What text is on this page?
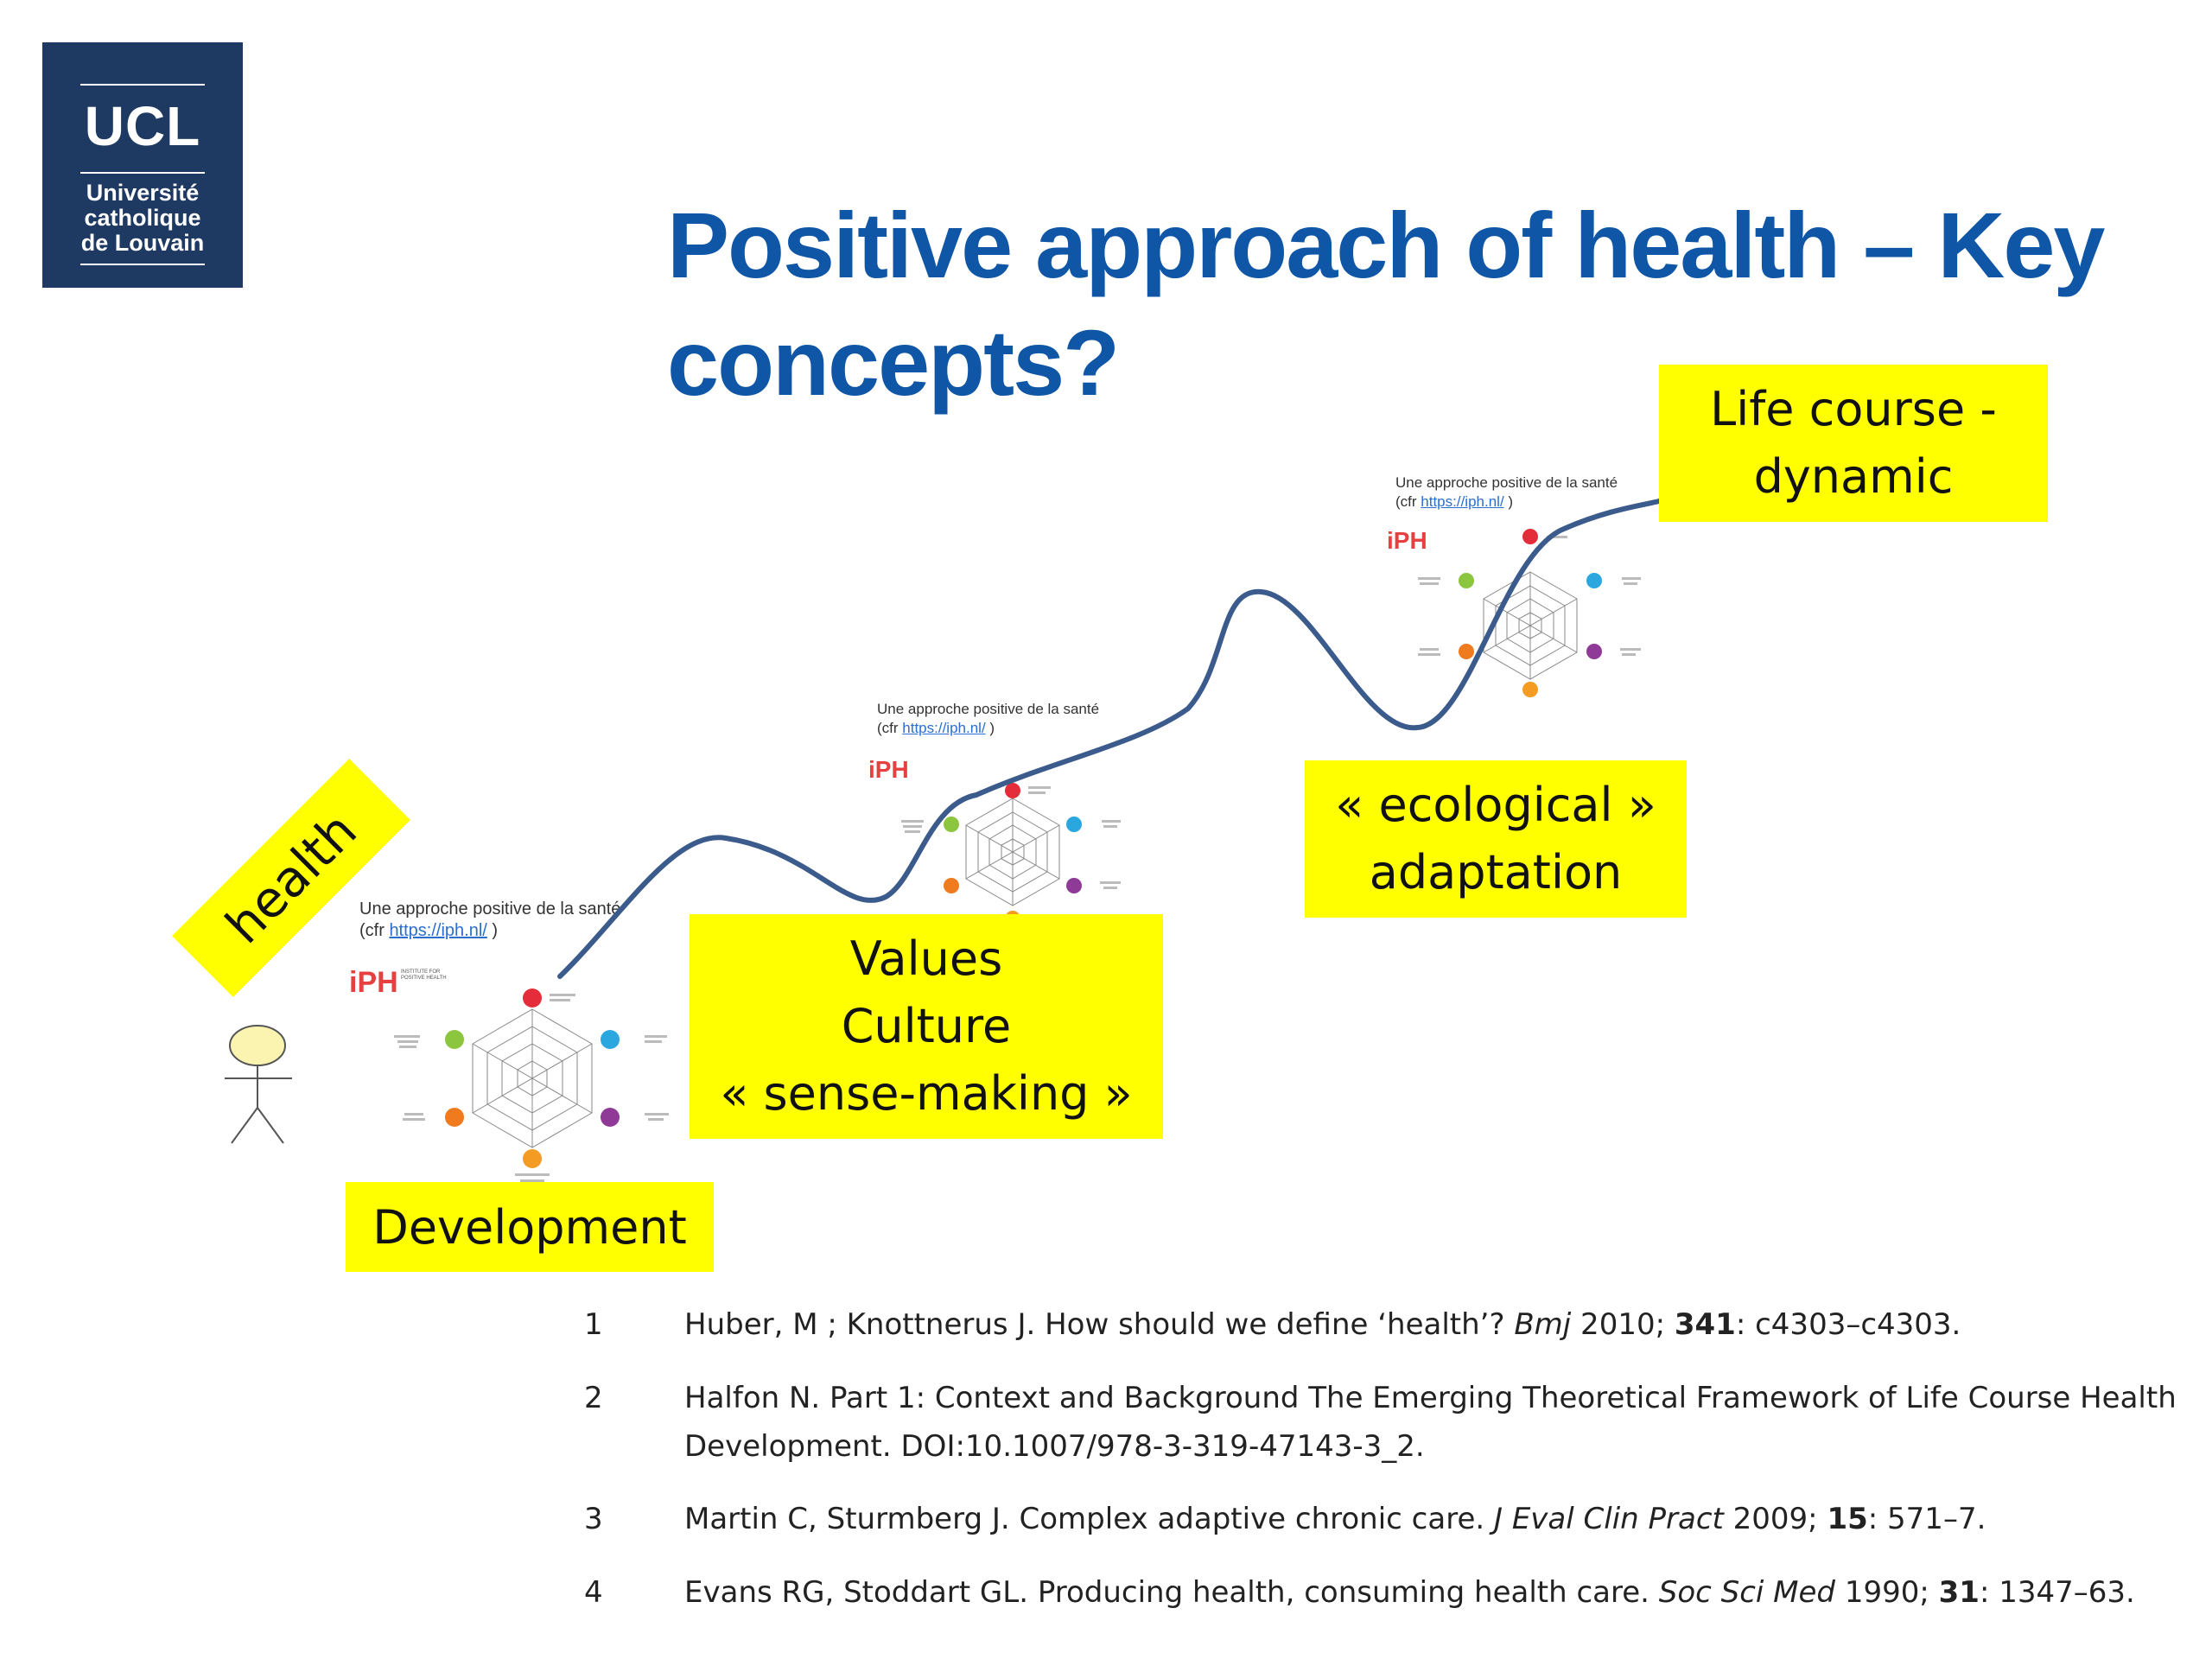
UCL
Université
catholique
de Louvain	Positive approach of health – Key concepts?
Une approche positive de la santé
(cfr https://iph.nl/ )
iPH INSTITUTE FOR POSITIVE HEALTH
Une approche positive de la santé
(cfr https://iph.nl/ )
iPH
Une approche positive de la santé
(cfr https://iph.nl/ )
iPH
health
Development
Values
Culture
« sense-making »
« ecological »
adaptation
Life course -
dynamic
1	Huber, M ; Knottnerus J. How should we define ‘health’? Bmj 2010; 341: c4303–c4303.
2	Halfon N. Part 1: Context and Background The Emerging Theoretical Framework of Life Course Health Development. DOI:10.1007/978-3-319-47143-3_2.
3	Martin C, Sturmberg J. Complex adaptive chronic care. J Eval Clin Pract 2009; 15: 571–7.
4	Evans RG, Stoddart GL. Producing health, consuming health care. Soc Sci Med 1990; 31: 1347–63.
